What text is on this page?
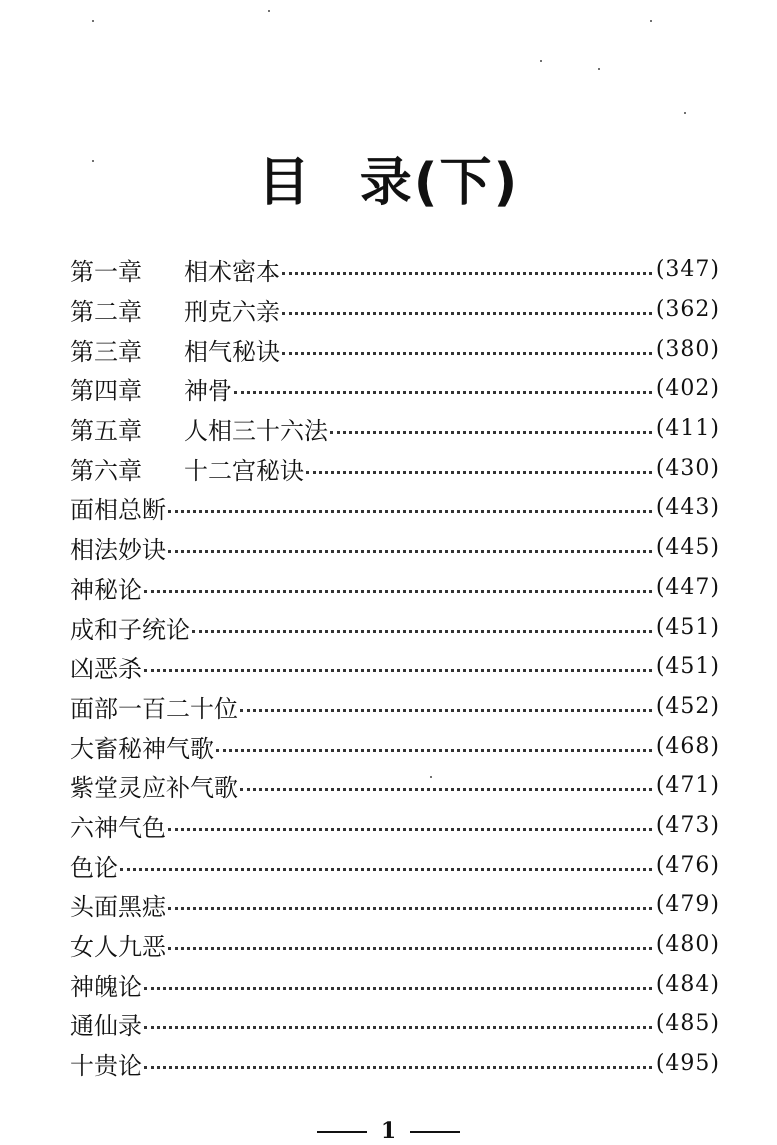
目 录(下)
第一章	相术密本	(347)
第二章	刑克六亲	(362)
第三章	相气秘诀	(380)
第四章	神骨	(402)
第五章	人相三十六法	(411)
第六章	十二宫秘诀	(430)
面相总断	(443)
相法妙诀	(445)
神秘论	(447)
成和子统论	(451)
凶恶杀	(451)
面部一百二十位	(452)
大畜秘神气歌	(468)
紫堂灵应补气歌	(471)
六神气色	(473)
色论	(476)
头面黑痣	(479)
女人九恶	(480)
神魄论	(484)
通仙录	(485)
十贵论	(495)
1
